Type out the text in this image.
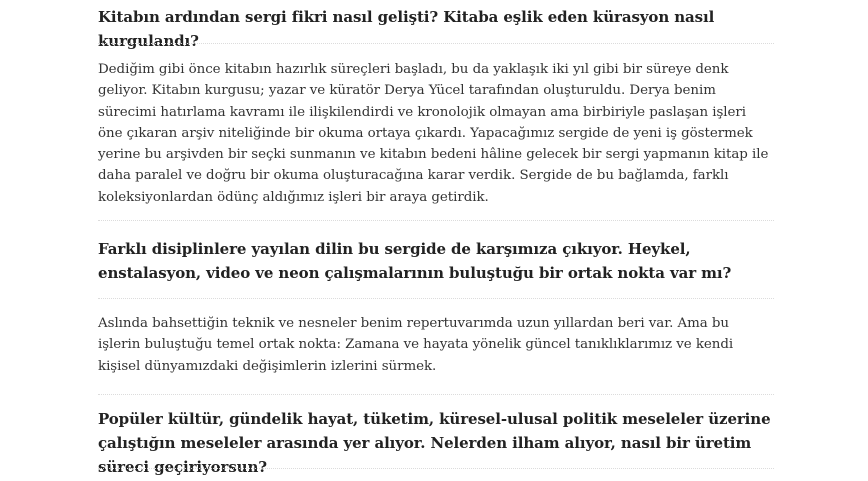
Kitabın ardından sergi fikri nasıl gelişti? Kitaba eşlik eden kürasyon nasıl kurgulandı?

Dediğim gibi önce kitabın hazırlık süreçleri başladı, bu da yaklaşık iki yıl gibi bir süreye denk geliyor. Kitabın kurgusu; yazar ve küratör Derya Yücel tarafından oluşturuldu. Derya benim sürecimi hatırlama kavramı ile ilişkilendirdi ve kronolojik olmayan ama birbiriyle paslaşan işleri öne çıkaran arşiv niteliğinde bir okuma ortaya çıkardı. Yapacağımız sergide de yeni iş göstermek yerine bu arşivden bir seçki sunmanın ve kitabın bedeni hâline gelecek bir sergi yapmanın kitap ile daha paralel ve doğru bir okuma oluşturacağına karar verdik. Sergide de bu bağlamda, farklı koleksiyonlardan ödünç aldığımız işleri bir araya getirdik.

Farklı disiplinlere yayılan dilin bu sergide de karşımıza çıkıyor. Heykel, enstalasyon, video ve neon çalışmalarının buluştuğu bir ortak nokta var mı?

Aslında bahsettiğin teknik ve nesneler benim repertuvarımda uzun yıllardan beri var. Ama bu işlerin buluştuğu temel ortak nokta: Zamana ve hayata yönelik güncel tanıklıklarımız ve kendi kişisel dünyamızdaki değişimlerin izlerini sürmek.

Popüler kültür, gündelik hayat, tüketim, küresel-ulusal politik meseleler üzerine çalıştığın meseleler arasında yer alıyor. Nelerden ilham alıyor, nasıl bir üretim süreci geçiriyorsun?
